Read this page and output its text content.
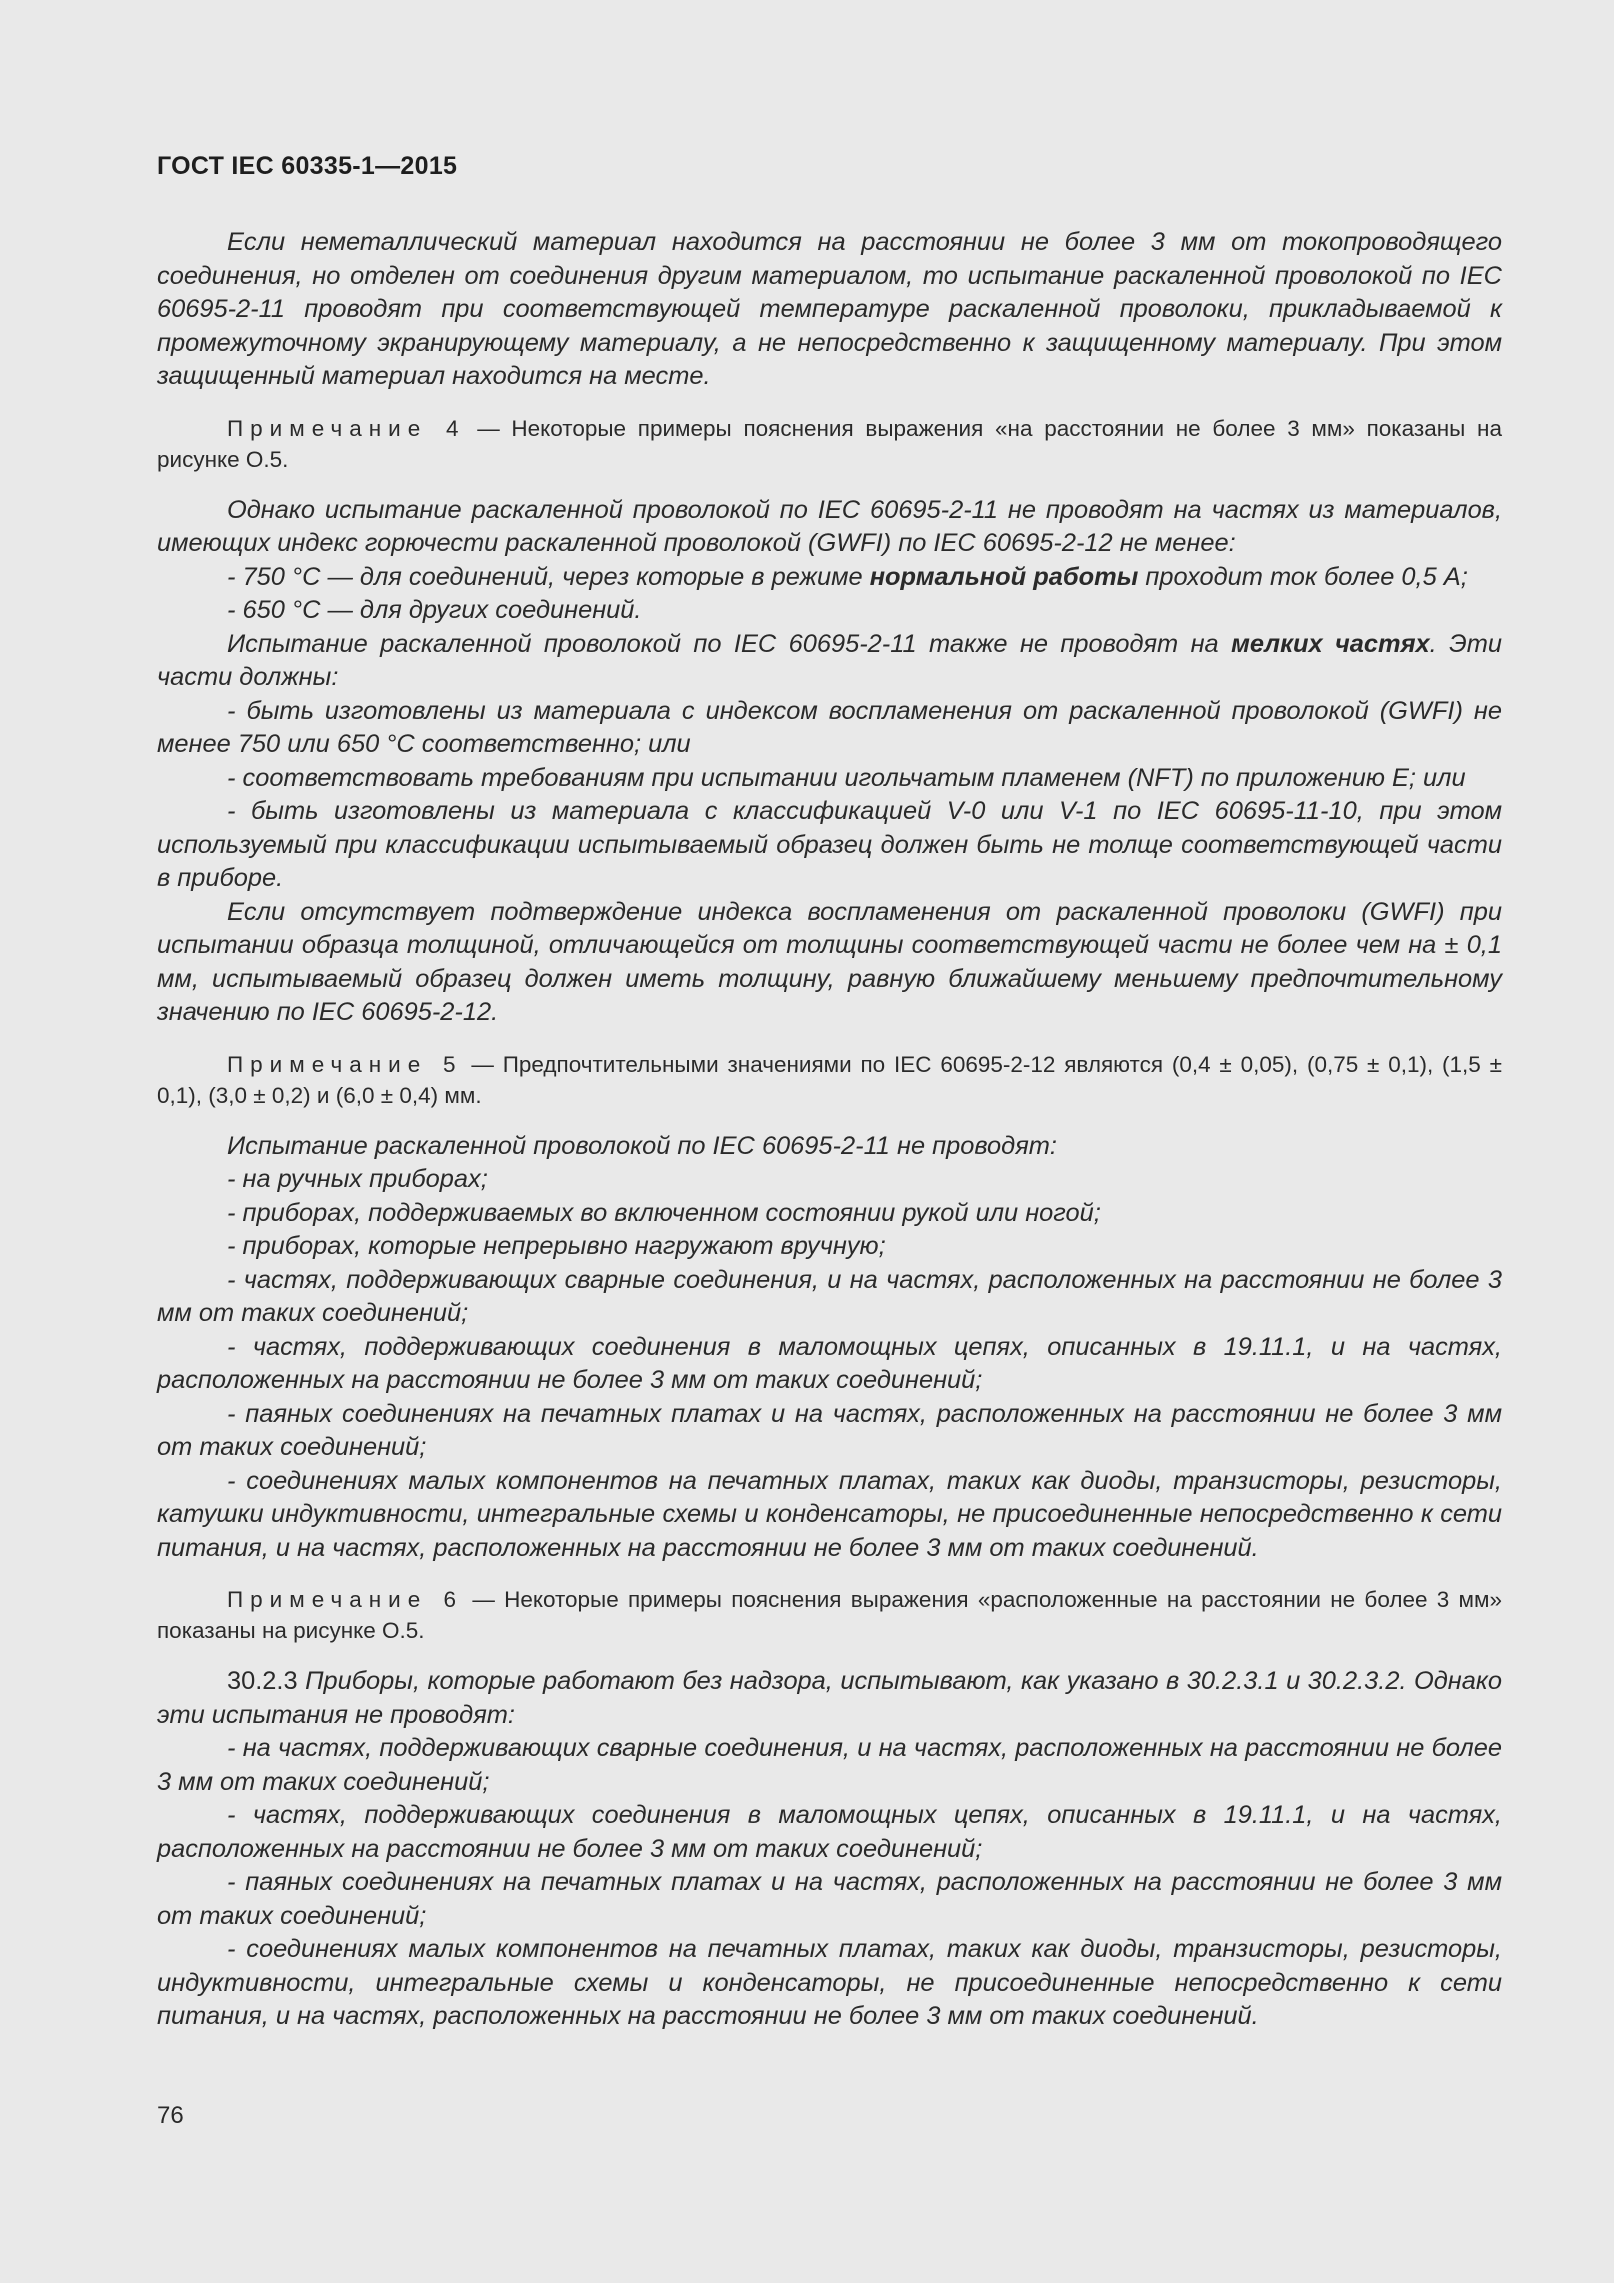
ГОСТ IEC 60335-1—2015

Если неметаллический материал находится на расстоянии не более 3 мм от токопроводящего соединения, но отделен от соединения другим материалом, то испытание раскаленной проволокой по IEC 60695-2-11 проводят при соответствующей температуре раскаленной проволоки, прикладываемой к промежуточному экранирующему материалу, а не непосредственно к защищенному материалу. При этом защищенный материал находится на месте.

Примечание 4 — Некоторые примеры пояснения выражения «на расстоянии не более 3 мм» показаны на рисунке О.5.

Однако испытание раскаленной проволокой по IEC 60695-2-11 не проводят на частях из материалов, имеющих индекс горючести раскаленной проволокой (GWFI) по IEC 60695-2-12 не менее:

- 750 °С — для соединений, через которые в режиме нормальной работы проходит ток более 0,5 А;

- 650 °С — для других соединений.

Испытание раскаленной проволокой по IEC 60695-2-11 также не проводят на мелких частях. Эти части должны:

- быть изготовлены из материала с индексом воспламенения от раскаленной проволокой (GWFI) не менее 750 или 650 °С соответственно; или

- соответствовать требованиям при испытании игольчатым пламенем (NFT) по приложению Е; или

- быть изготовлены из материала с классификацией V-0 или V-1 по IEC 60695-11-10, при этом используемый при классификации испытываемый образец должен быть не толще соответствующей части в приборе.

Если отсутствует подтверждение индекса воспламенения от раскаленной проволоки (GWFI) при испытании образца толщиной, отличающейся от толщины соответствующей части не более чем на ± 0,1 мм, испытываемый образец должен иметь толщину, равную ближайшему меньшему предпочтительному значению по IEC 60695-2-12.

Примечание 5 — Предпочтительными значениями по IEC 60695-2-12 являются (0,4 ± 0,05), (0,75 ± 0,1), (1,5 ± 0,1), (3,0 ± 0,2) и (6,0 ± 0,4) мм.

Испытание раскаленной проволокой по IEC 60695-2-11 не проводят:

- на ручных приборах;

- приборах, поддерживаемых во включенном состоянии рукой или ногой;

- приборах, которые непрерывно нагружают вручную;

- частях, поддерживающих сварные соединения, и на частях, расположенных на расстоянии не более 3 мм от таких соединений;

- частях, поддерживающих соединения в маломощных цепях, описанных в 19.11.1, и на частях, расположенных на расстоянии не более 3 мм от таких соединений;

- паяных соединениях на печатных платах и на частях, расположенных на расстоянии не более 3 мм от таких соединений;

- соединениях малых компонентов на печатных платах, таких как диоды, транзисторы, резисторы, катушки индуктивности, интегральные схемы и конденсаторы, не присоединенные непосредственно к сети питания, и на частях, расположенных на расстоянии не более 3 мм от таких соединений.

Примечание 6 — Некоторые примеры пояснения выражения «расположенные на расстоянии не более 3 мм» показаны на рисунке О.5.

30.2.3 Приборы, которые работают без надзора, испытывают, как указано в 30.2.3.1 и 30.2.3.2. Однако эти испытания не проводят:

- на частях, поддерживающих сварные соединения, и на частях, расположенных на расстоянии не более 3 мм от таких соединений;

- частях, поддерживающих соединения в маломощных цепях, описанных в 19.11.1, и на частях, расположенных на расстоянии не более 3 мм от таких соединений;

- паяных соединениях на печатных платах и на частях, расположенных на расстоянии не более 3 мм от таких соединений;

- соединениях малых компонентов на печатных платах, таких как диоды, транзисторы, резисторы, индуктивности, интегральные схемы и конденсаторы, не присоединенные непосредственно к сети питания, и на частях, расположенных на расстоянии не более 3 мм от таких соединений.

76
